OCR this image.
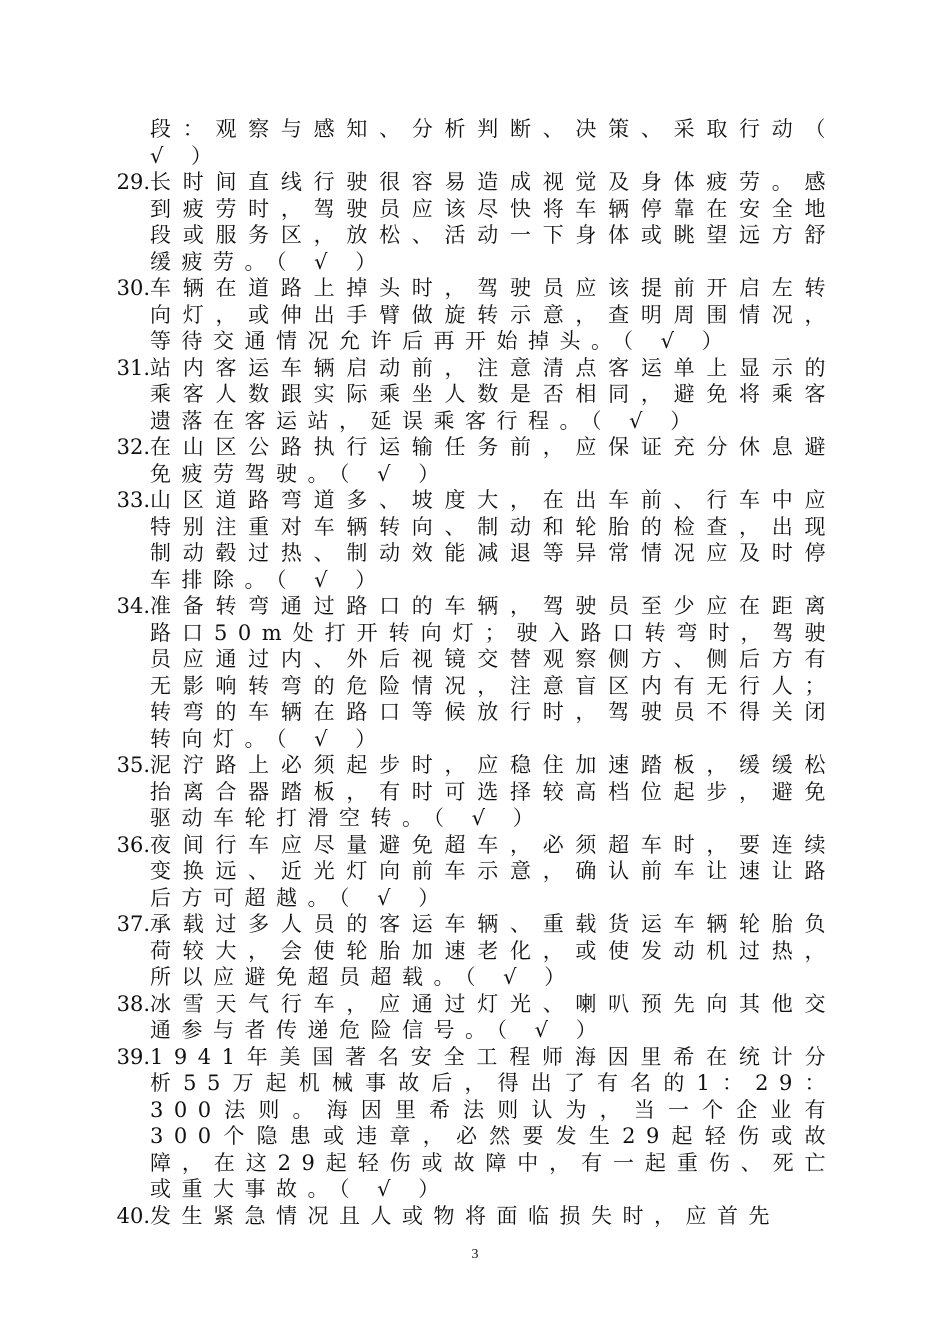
段：观察与感知、分析判断、决策、采取行动（ √ ）
29. 长时间直线行驶很容易造成视觉及身体疲劳。感到疲劳时，驾驶员应该尽快将车辆停靠在安全地段或服务区，放松、活动一下身体或眺望远方舒缓疲劳。（ √ ）
30. 车辆在道路上掉头时，驾驶员应该提前开启左转向灯，或伸出手臂做旋转示意，查明周围情况，等待交通情况允许后再开始掉头。（ √ ）
31. 站内客运车辆启动前，注意清点客运单上显示的乘客人数跟实际乘坐人数是否相同，避免将乘客遗落在客运站，延误乘客行程。（ √ ）
32. 在山区公路执行运输任务前，应保证充分休息避免疲劳驾驶。（ √ ）
33. 山区道路弯道多、坡度大，在出车前、行车中应特别注重对车辆转向、制动和轮胎的检查，出现制动毂过热、制动效能减退等异常情况应及时停车排除。（ √ ）
34. 准备转弯通过路口的车辆，驾驶员至少应在距离路口50m处打开转向灯；驶入路口转弯时，驾驶员应通过内、外后视镜交替观察侧方、侧后方有无影响转弯的危险情况，注意盲区内有无行人；转弯的车辆在路口等候放行时，驾驶员不得关闭转向灯。（ √ ）
35. 泥泞路上必须起步时，应稳住加速踏板，缓缓松抬离合器踏板，有时可选择较高档位起步，避免驱动车轮打滑空转。（ √ ）
36. 夜间行车应尽量避免超车，必须超车时，要连续变换远、近光灯向前车示意，确认前车让速让路后方可超越。（ √ ）
37. 承载过多人员的客运车辆、重载货运车辆轮胎负荷较大，会使轮胎加速老化，或使发动机过热，所以应避免超员超载。（ √ ）
38. 冰雪天气行车，应通过灯光、喇叭预先向其他交通参与者传递危险信号。（ √ ）
39. 1941年美国著名安全工程师海因里希在统计分析55万起机械事故后，得出了有名的1：29：300法则。海因里希法则认为，当一个企业有300个隐患或违章，必然要发生29起轻伤或故障，在这29起轻伤或故障中，有一起重伤、死亡或重大事故。（ √ ）
40. 发生紧急情况且人或物将面临损失时，应首先
3
